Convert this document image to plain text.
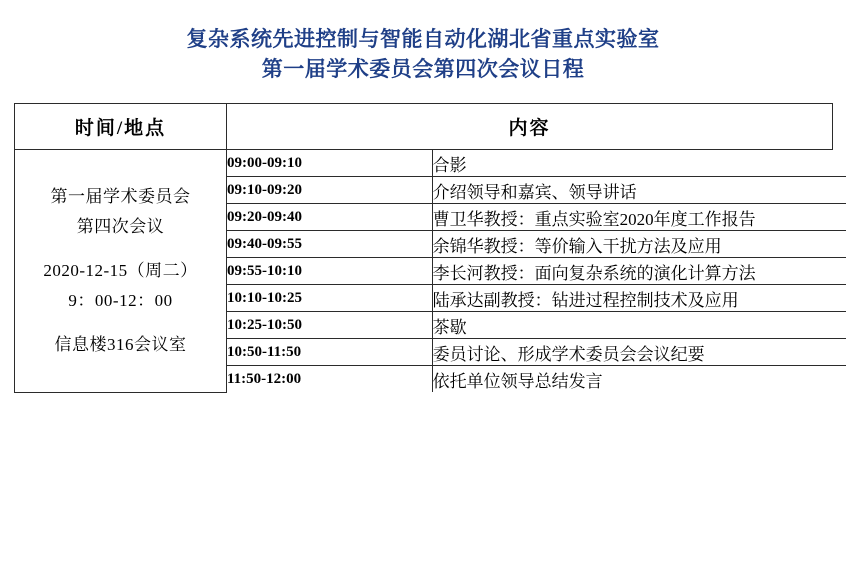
复杂系统先进控制与智能自动化湖北省重点实验室
第一届学术委员会第四次会议日程
时间/地点	内容

第一届学术委员会
第四次会议
2020-12-15（周二）
9：00-12：00
信息楼316会议室

09:00-09:10	合影
09:10-09:20	介绍领导和嘉宾、领导讲话
09:20-09:40	曹卫华教授：重点实验室2020年度工作报告
09:40-09:55	余锦华教授：等价输入干扰方法及应用
09:55-10:10	李长河教授：面向复杂系统的演化计算方法
10:10-10:25	陆承达副教授：钻进过程控制技术及应用
10:25-10:50	茶歇
10:50-11:50	委员讨论、形成学术委员会会议纪要
11:50-12:00	依托单位领导总结发言
